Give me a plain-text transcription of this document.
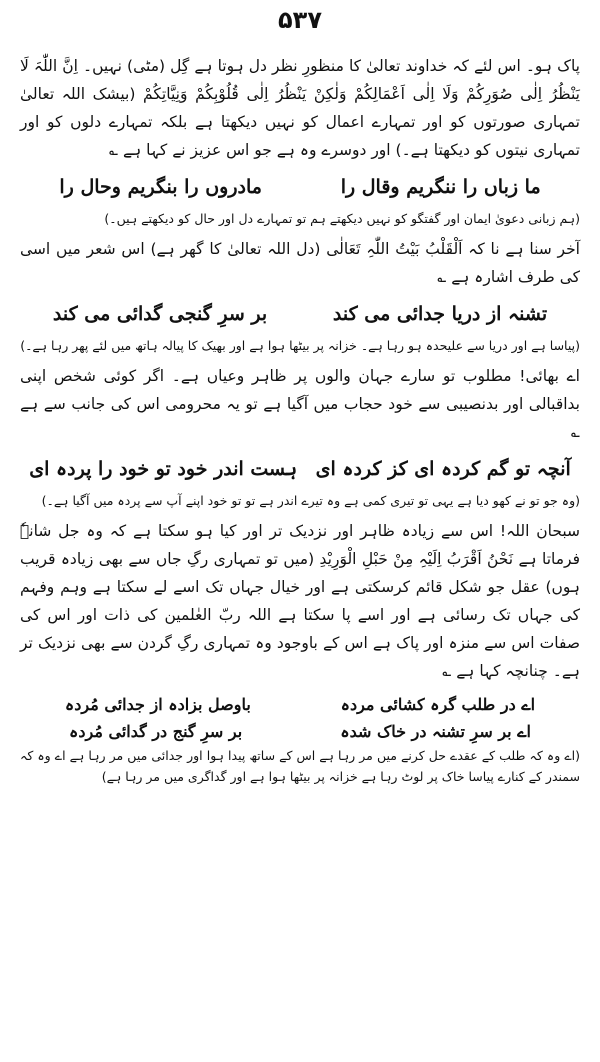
۵۳۷

پاک ہو۔ اس لئے کہ خداوند تعالیٰ کا منظورِ نظر دل ہوتا ہے گِل (مٹی) نہیں۔ اِنَّ اللّٰہَ لَا یَنْظُرُ اِلٰی صُوَرِکُمْ وَلَا اِلٰی اَعْمَالِکُمْ وَلٰکِنْ یَنْظُرُ اِلٰی قُلُوْبِکُمْ وَنِیَّاتِکُمْ (بیشک اللہ تعالیٰ تمہاری صورتوں کو اور تمہارے اعمال کو نہیں دیکھتا ہے بلکہ تمہارے دلوں کو اور تمہاری نیتوں کو دیکھتا ہے۔) اور دوسرے وہ ہے جو اس عزیز نے کہا ہے ؎

ما زباں را ننگریم وقال را
مادروں را بنگریم وحال را

(ہم زبانی دعویٰ ایمان اور گفتگو کو نہیں دیکھتے ہم تو تمہارے دل اور حال کو دیکھتے ہیں۔)

آخر سنا ہے نا کہ اَلْقَلْبُ بَیْتُ اللّٰہِ تَعَالٰی (دل اللہ تعالیٰ کا گھر ہے) اس شعر میں اسی کی طرف اشارہ ہے ؎

تشنہ از دریا جدائی می کند
بر سرِ گنجی گدائی می کند

(پیاسا ہے اور دریا سے علیحدہ ہو رہا ہے۔ خزانہ پر بیٹھا ہوا ہے اور بھیک کا پیالہ ہاتھ میں لئے پھر رہا ہے۔)

اے بھائی! مطلوب تو سارے جہان والوں پر ظاہر وعیاں ہے۔ اگر کوئی شخص اپنی بداقبالی اور بدنصیبی سے خود حجاب میں آگیا ہے تو یہ محرومی اس کی جانب سے ہے ؎

آنچہ تو گم کردہ ای کز کردہ ای
ہست اندر خود تو خود را پردہ ای

(وہ جو تو نے کھو دیا ہے یہی تو تیری کمی ہے وہ تیرے اندر ہے تو تو خود اپنے آپ سے پردہ میں آگیا ہے۔)

سبحان اللہ! اس سے زیادہ ظاہر اور نزدیک تر اور کیا ہو سکتا ہے کہ وہ جل شانہٗ فرماتا ہے نَحْنُ اَقْرَبُ اِلَیْہِ مِنْ حَبْلِ الْوَرِیْدِ (میں تو تمہاری رگِ جاں سے بھی زیادہ قریب ہوں) عقل جو شکل قائم کرسکتی ہے اور خیال جہاں تک اسے لے سکتا ہے وہم وفہم کی جہاں تک رسائی ہے اور اسے پا سکتا ہے اللہ ربّ العٰلمین کی ذات اور اس کی صفات اس سے منزہ اور پاک ہے اس کے باوجود وہ تمہاری رگِ گردن سے بھی نزدیک تر ہے۔ چنانچہ کہا ہے ؎

اے در طلب گرہ کشائی مردہ
باوصل بزادہ از جدائی مُردہ
اے بر سرِ تشنہ در خاک شدہ
بر سرِ گنج در گدائی مُردہ

(اے وہ کہ طلب کے عقدے حل کرنے میں مر رہا ہے اس کے ساتھ پیدا ہوا اور جدائی میں مر رہا ہے اے وہ کہ سمندر کے کنارے پیاسا خاک پر لوٹ رہا ہے خزانہ پر بیٹھا ہوا ہے اور گداگری میں مر رہا ہے)
